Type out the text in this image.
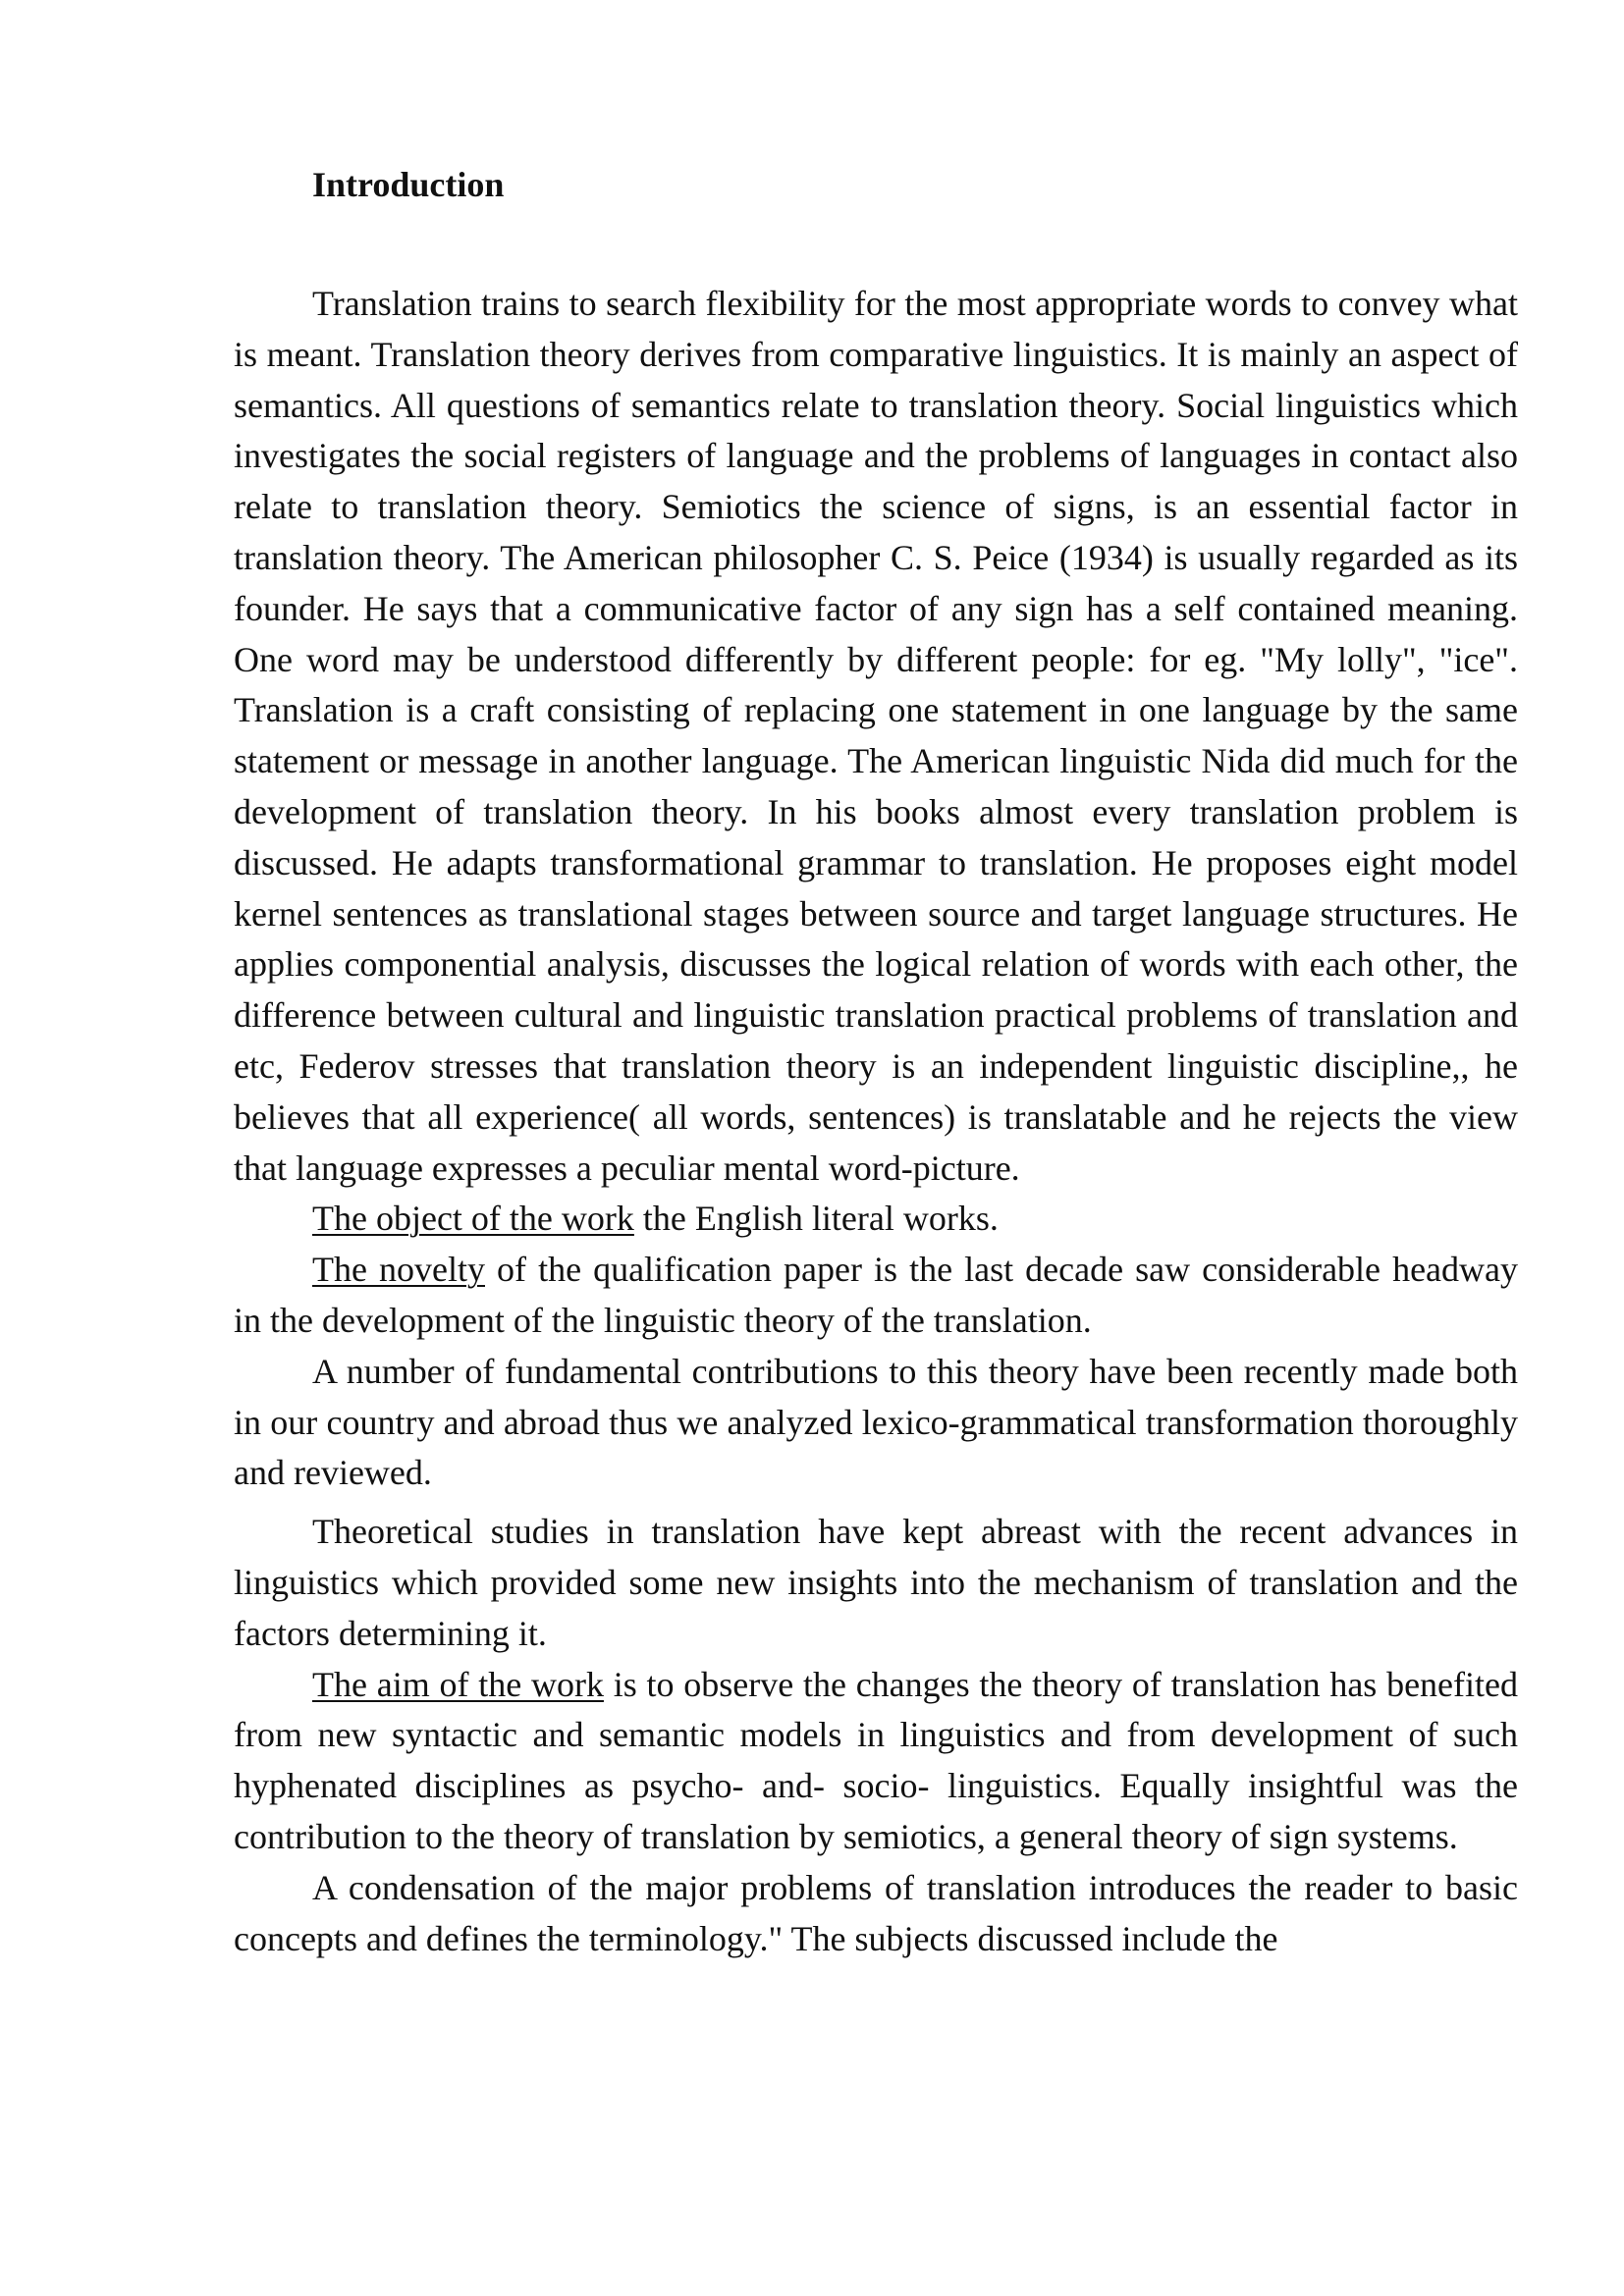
Introduction

Translation trains to search flexibility for the most appropriate words to convey what is meant. Translation theory derives from comparative linguistics. It is mainly an aspect of semantics. All questions of semantics relate to translation theory. Social linguistics which investigates the social registers of language and the problems of languages in contact also relate to translation theory. Semiotics the science of signs, is an essential factor in translation theory. The American philosopher C. S. Peice (1934) is usually regarded as its founder. He says that a communicative factor of any sign has a self contained meaning. One word may be understood differently by different people: for eg. "My lolly", "ice". Translation is a craft consisting of replacing one statement in one language by the same statement or message in another language. The American linguistic Nida did much for the development of translation theory. In his books almost every translation problem is discussed. He adapts transformational grammar to translation. He proposes eight model kernel sentences as translational stages between source and target language structures. He applies componential analysis, discusses the logical relation of words with each other, the difference between cultural and linguistic translation practical problems of translation and etc, Federov stresses that translation theory is an independent linguistic discipline,, he believes that all experience( all words, sentences) is translatable and he rejects the view that language expresses a peculiar mental word-picture.

The object of the work the English literal works.

The novelty of the qualification paper is the last decade saw considerable headway in the development of the linguistic theory of the translation.

A number of fundamental contributions to this theory have been recently made both in our country and abroad thus we analyzed lexico-grammatical transformation thoroughly and reviewed.

Theoretical studies in translation have kept abreast with the recent advances in linguistics which provided some new insights into the mechanism of translation and the factors determining it.

The aim of the work is to observe the changes the theory of translation has benefited from new syntactic and semantic models in linguistics and from development of such hyphenated disciplines as psycho- and- socio- linguistics. Equally insightful was the contribution to the theory of translation by semiotics, a general theory of sign systems.

A condensation of the major problems of translation introduces the reader to basic concepts and defines the terminology." The subjects discussed include the
